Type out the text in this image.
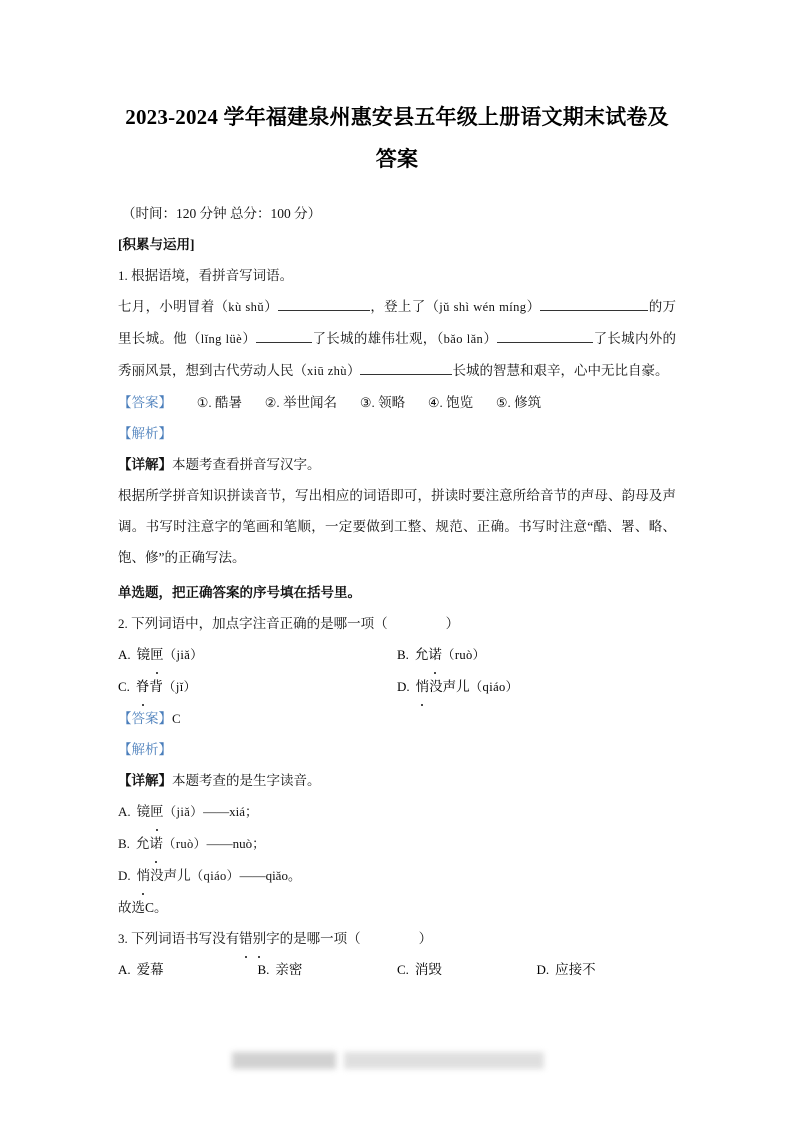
2023-2024 学年福建泉州惠安县五年级上册语文期末试卷及答案

（时间：120 分钟 总分：100 分）

[积累与运用]

1. 根据语境，看拼音写词语。

七月，小明冒着（kù shǔ）	，登上了（jǔ shì wén míng）	的万里长城。他（lǐng lüè）	了长城的雄伟壮观，（bǎo lǎn）	了长城内外的秀丽风景，想到古代劳动人民（xiū zhù）	长城的智慧和艰辛，心中无比自豪。

【答案】 ①. 酷暑 ②. 举世闻名 ③. 领略 ④. 饱览 ⑤. 修筑

【解析】

【详解】本题考查看拼音写汉字。

根据所学拼音知识拼读音节，写出相应的词语即可，拼读时要注意所给音节的声母、韵母及声调。书写时注意字的笔画和笔顺，一定要做到工整、规范、正确。书写时注意“酷、署、略、饱、修”的正确写法。

单选题，把正确答案的序号填在括号里。

2. 下列词语中，加点字注音正确的是哪一项（	）

A. 镜匣（jiǎ）	B. 允诺（ruò）
C. 脊背（jǐ）	D. 悄没声儿（qiáo）

【答案】C

【解析】

【详解】本题考查的是生字读音。

A. 镜匣（jiǎ）——xiá；

B. 允诺（ruò）——nuò；

D. 悄没声儿（qiáo）——qiǎo。

故选C。

3. 下列词语书写没有错别字的是哪一项（	）

A. 爱幕	B. 亲密	C. 消毁	D. 应接不
